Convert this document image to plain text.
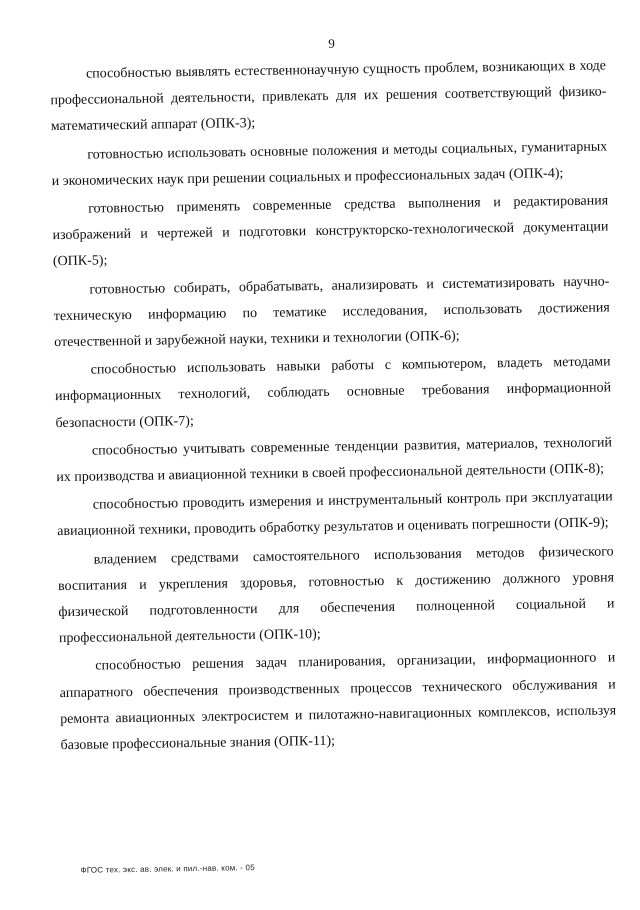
9

способностью выявлять естественнонаучную сущность проблем, возникающих в ходе профессиональной деятельности, привлекать для их решения соответствующий физико-математический аппарат (ОПК-3);

готовностью использовать основные положения и методы социальных, гуманитарных и экономических наук при решении социальных и профессиональных задач (ОПК-4);

готовностью применять современные средства выполнения и редактирования изображений и чертежей и подготовки конструкторско-технологической документации (ОПК-5);

готовностью собирать, обрабатывать, анализировать и систематизировать научно-техническую информацию по тематике исследования, использовать достижения отечественной и зарубежной науки, техники и технологии (ОПК-6);

способностью использовать навыки работы с компьютером, владеть методами информационных технологий, соблюдать основные требования информационной безопасности (ОПК-7);

способностью учитывать современные тенденции развития, материалов, технологий их производства и авиационной техники в своей профессиональной деятельности (ОПК-8);

способностью проводить измерения и инструментальный контроль при эксплуатации авиационной техники, проводить обработку результатов и оценивать погрешности (ОПК-9);

владением средствами самостоятельного использования методов физического воспитания и укрепления здоровья, готовностью к достижению должного уровня физической подготовленности для обеспечения полноценной социальной и профессиональной деятельности (ОПК-10);

способностью решения задач планирования, организации, информационного и аппаратного обеспечения производственных процессов технического обслуживания и ремонта авиационных электросистем и пилотажно-навигационных комплексов, используя базовые профессиональные знания (ОПК-11);

ФГОС тех. экс. ав. элек. и пил.-нав. ком. - 05
